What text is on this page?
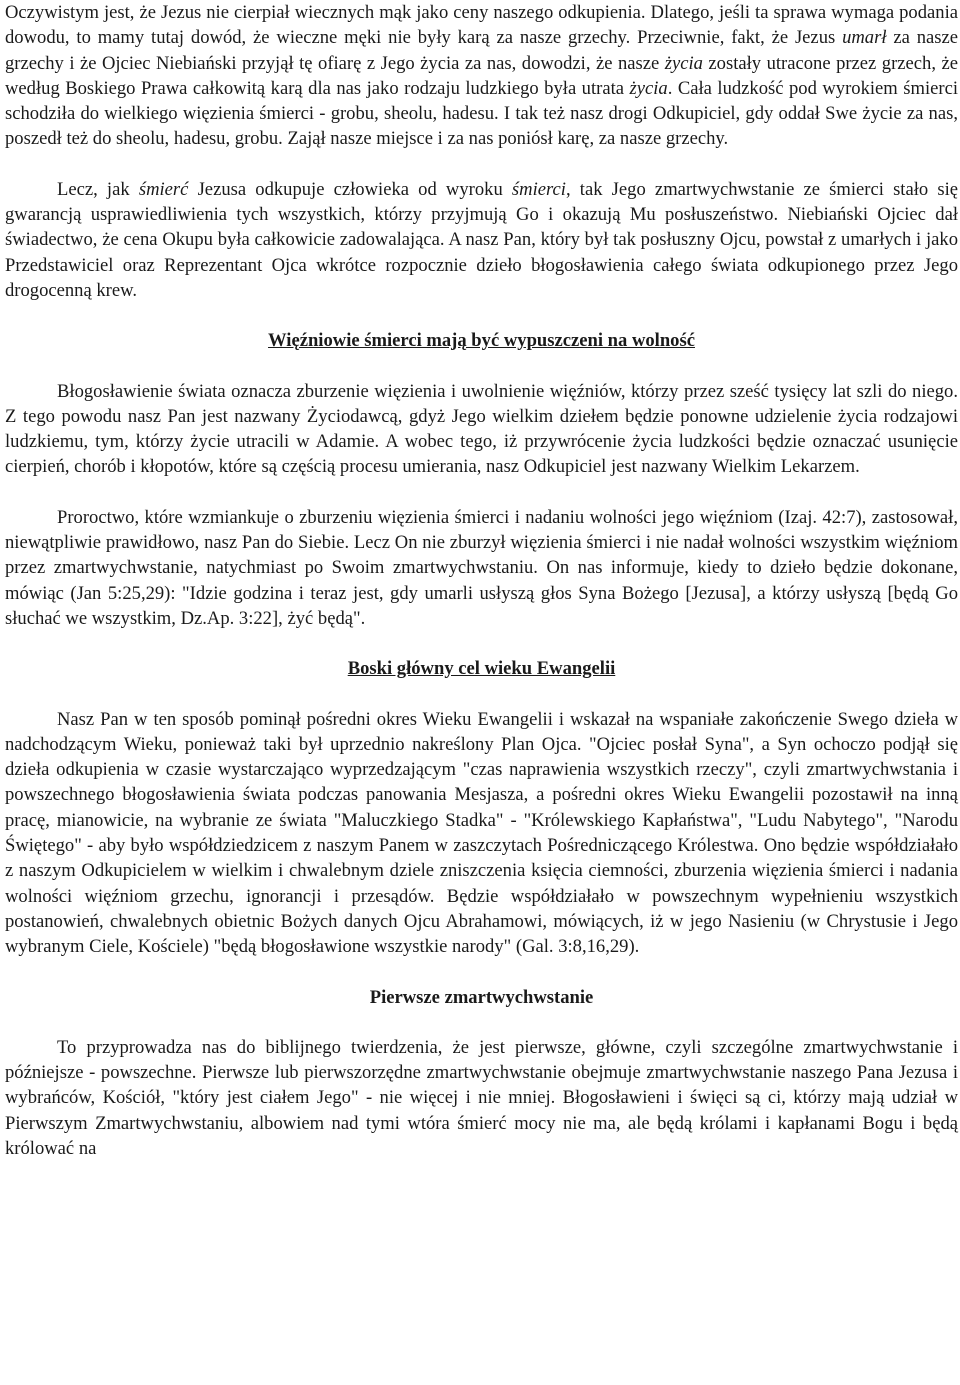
Oczywistym jest, że Jezus nie cierpiał wiecznych mąk jako ceny naszego odkupienia. Dlatego, jeśli ta sprawa wymaga podania dowodu, to mamy tutaj dowód, że wieczne męki nie były karą za nasze grzechy. Przeciwnie, fakt, że Jezus umarł za nasze grzechy i że Ojciec Niebiański przyjął tę ofiarę z Jego życia za nas, dowodzi, że nasze życia zostały utracone przez grzech, że według Boskiego Prawa całkowitą karą dla nas jako rodzaju ludzkiego była utrata życia. Cała ludzkość pod wyrokiem śmierci schodziła do wielkiego więzienia śmierci - grobu, sheolu, hadesu. I tak też nasz drogi Odkupiciel, gdy oddał Swe życie za nas, poszedł też do sheolu, hadesu, grobu. Zajął nasze miejsce i za nas poniósł karę, za nasze grzechy.

Lecz, jak śmierć Jezusa odkupuje człowieka od wyroku śmierci, tak Jego zmartwychwstanie ze śmierci stało się gwarancją usprawiedliwienia tych wszystkich, którzy przyjmują Go i okazują Mu posłuszeństwo. Niebiański Ojciec dał świadectwo, że cena Okupu była całkowicie zadowalająca. A nasz Pan, który był tak posłuszny Ojcu, powstał z umarłych i jako Przedstawiciel oraz Reprezentant Ojca wkrótce rozpocznie dzieło błogosławienia całego świata odkupionego przez Jego drogocenną krew.

Więźniowie śmierci mają być wypuszczeni na wolność

Błogosławienie świata oznacza zburzenie więzienia i uwolnienie więźniów, którzy przez sześć tysięcy lat szli do niego. Z tego powodu nasz Pan jest nazwany Życiodawcą, gdyż Jego wielkim dziełem będzie ponowne udzielenie życia rodzajowi ludzkiemu, tym, którzy życie utracili w Adamie. A wobec tego, iż przywrócenie życia ludzkości będzie oznaczać usunięcie cierpień, chorób i kłopotów, które są częścią procesu umierania, nasz Odkupiciel jest nazwany Wielkim Lekarzem.

Proroctwo, które wzmiankuje o zburzeniu więzienia śmierci i nadaniu wolności jego więźniom (Izaj. 42:7), zastosował, niewątpliwie prawidłowo, nasz Pan do Siebie. Lecz On nie zburzył więzienia śmierci i nie nadał wolności wszystkim więźniom przez zmartwychwstanie, natychmiast po Swoim zmartwychwstaniu. On nas informuje, kiedy to dzieło będzie dokonane, mówiąc (Jan 5:25,29): "Idzie godzina i teraz jest, gdy umarli usłyszą głos Syna Bożego [Jezusa], a którzy usłyszą [będą Go słuchać we wszystkim, Dz.Ap. 3:22], żyć będą".

Boski główny cel wieku Ewangelii

Nasz Pan w ten sposób pominął pośredni okres Wieku Ewangelii i wskazał na wspaniałe zakończenie Swego dzieła w nadchodzącym Wieku, ponieważ taki był uprzednio nakreślony Plan Ojca. "Ojciec posłał Syna", a Syn ochoczo podjął się dzieła odkupienia w czasie wystarczająco wyprzedzającym "czas naprawienia wszystkich rzeczy", czyli zmartwychwstania i powszechnego błogosławienia świata podczas panowania Mesjasza, a pośredni okres Wieku Ewangelii pozostawił na inną pracę, mianowicie, na wybranie ze świata "Maluczkiego Stadka" - "Królewskiego Kapłaństwa", "Ludu Nabytego", "Narodu Świętego" - aby było współdziedzicem z naszym Panem w zaszczytach Pośredniczącego Królestwa. Ono będzie współdziałało z naszym Odkupicielem w wielkim i chwalebnym dziele zniszczenia księcia ciemności, zburzenia więzienia śmierci i nadania wolności więźniom grzechu, ignorancji i przesądów. Będzie współdziałało w powszechnym wypełnieniu wszystkich postanowień, chwalebnych obietnic Bożych danych Ojcu Abrahamowi, mówiących, iż w jego Nasieniu (w Chrystusie i Jego wybranym Ciele, Kościele) "będą błogosławione wszystkie narody" (Gal. 3:8,16,29).

Pierwsze zmartwychwstanie

To przyprowadza nas do biblijnego twierdzenia, że jest pierwsze, główne, czyli szczególne zmartwychwstanie i późniejsze - powszechne. Pierwsze lub pierwszorzędne zmartwychwstanie obejmuje zmartwychwstanie naszego Pana Jezusa i wybrańców, Kościół, "który jest ciałem Jego" - nie więcej i nie mniej. Błogosławieni i święci są ci, którzy mają udział w Pierwszym Zmartwychwstaniu, albowiem nad tymi wtóra śmierć mocy nie ma, ale będą królami i kapłanami Bogu i będą królować na
